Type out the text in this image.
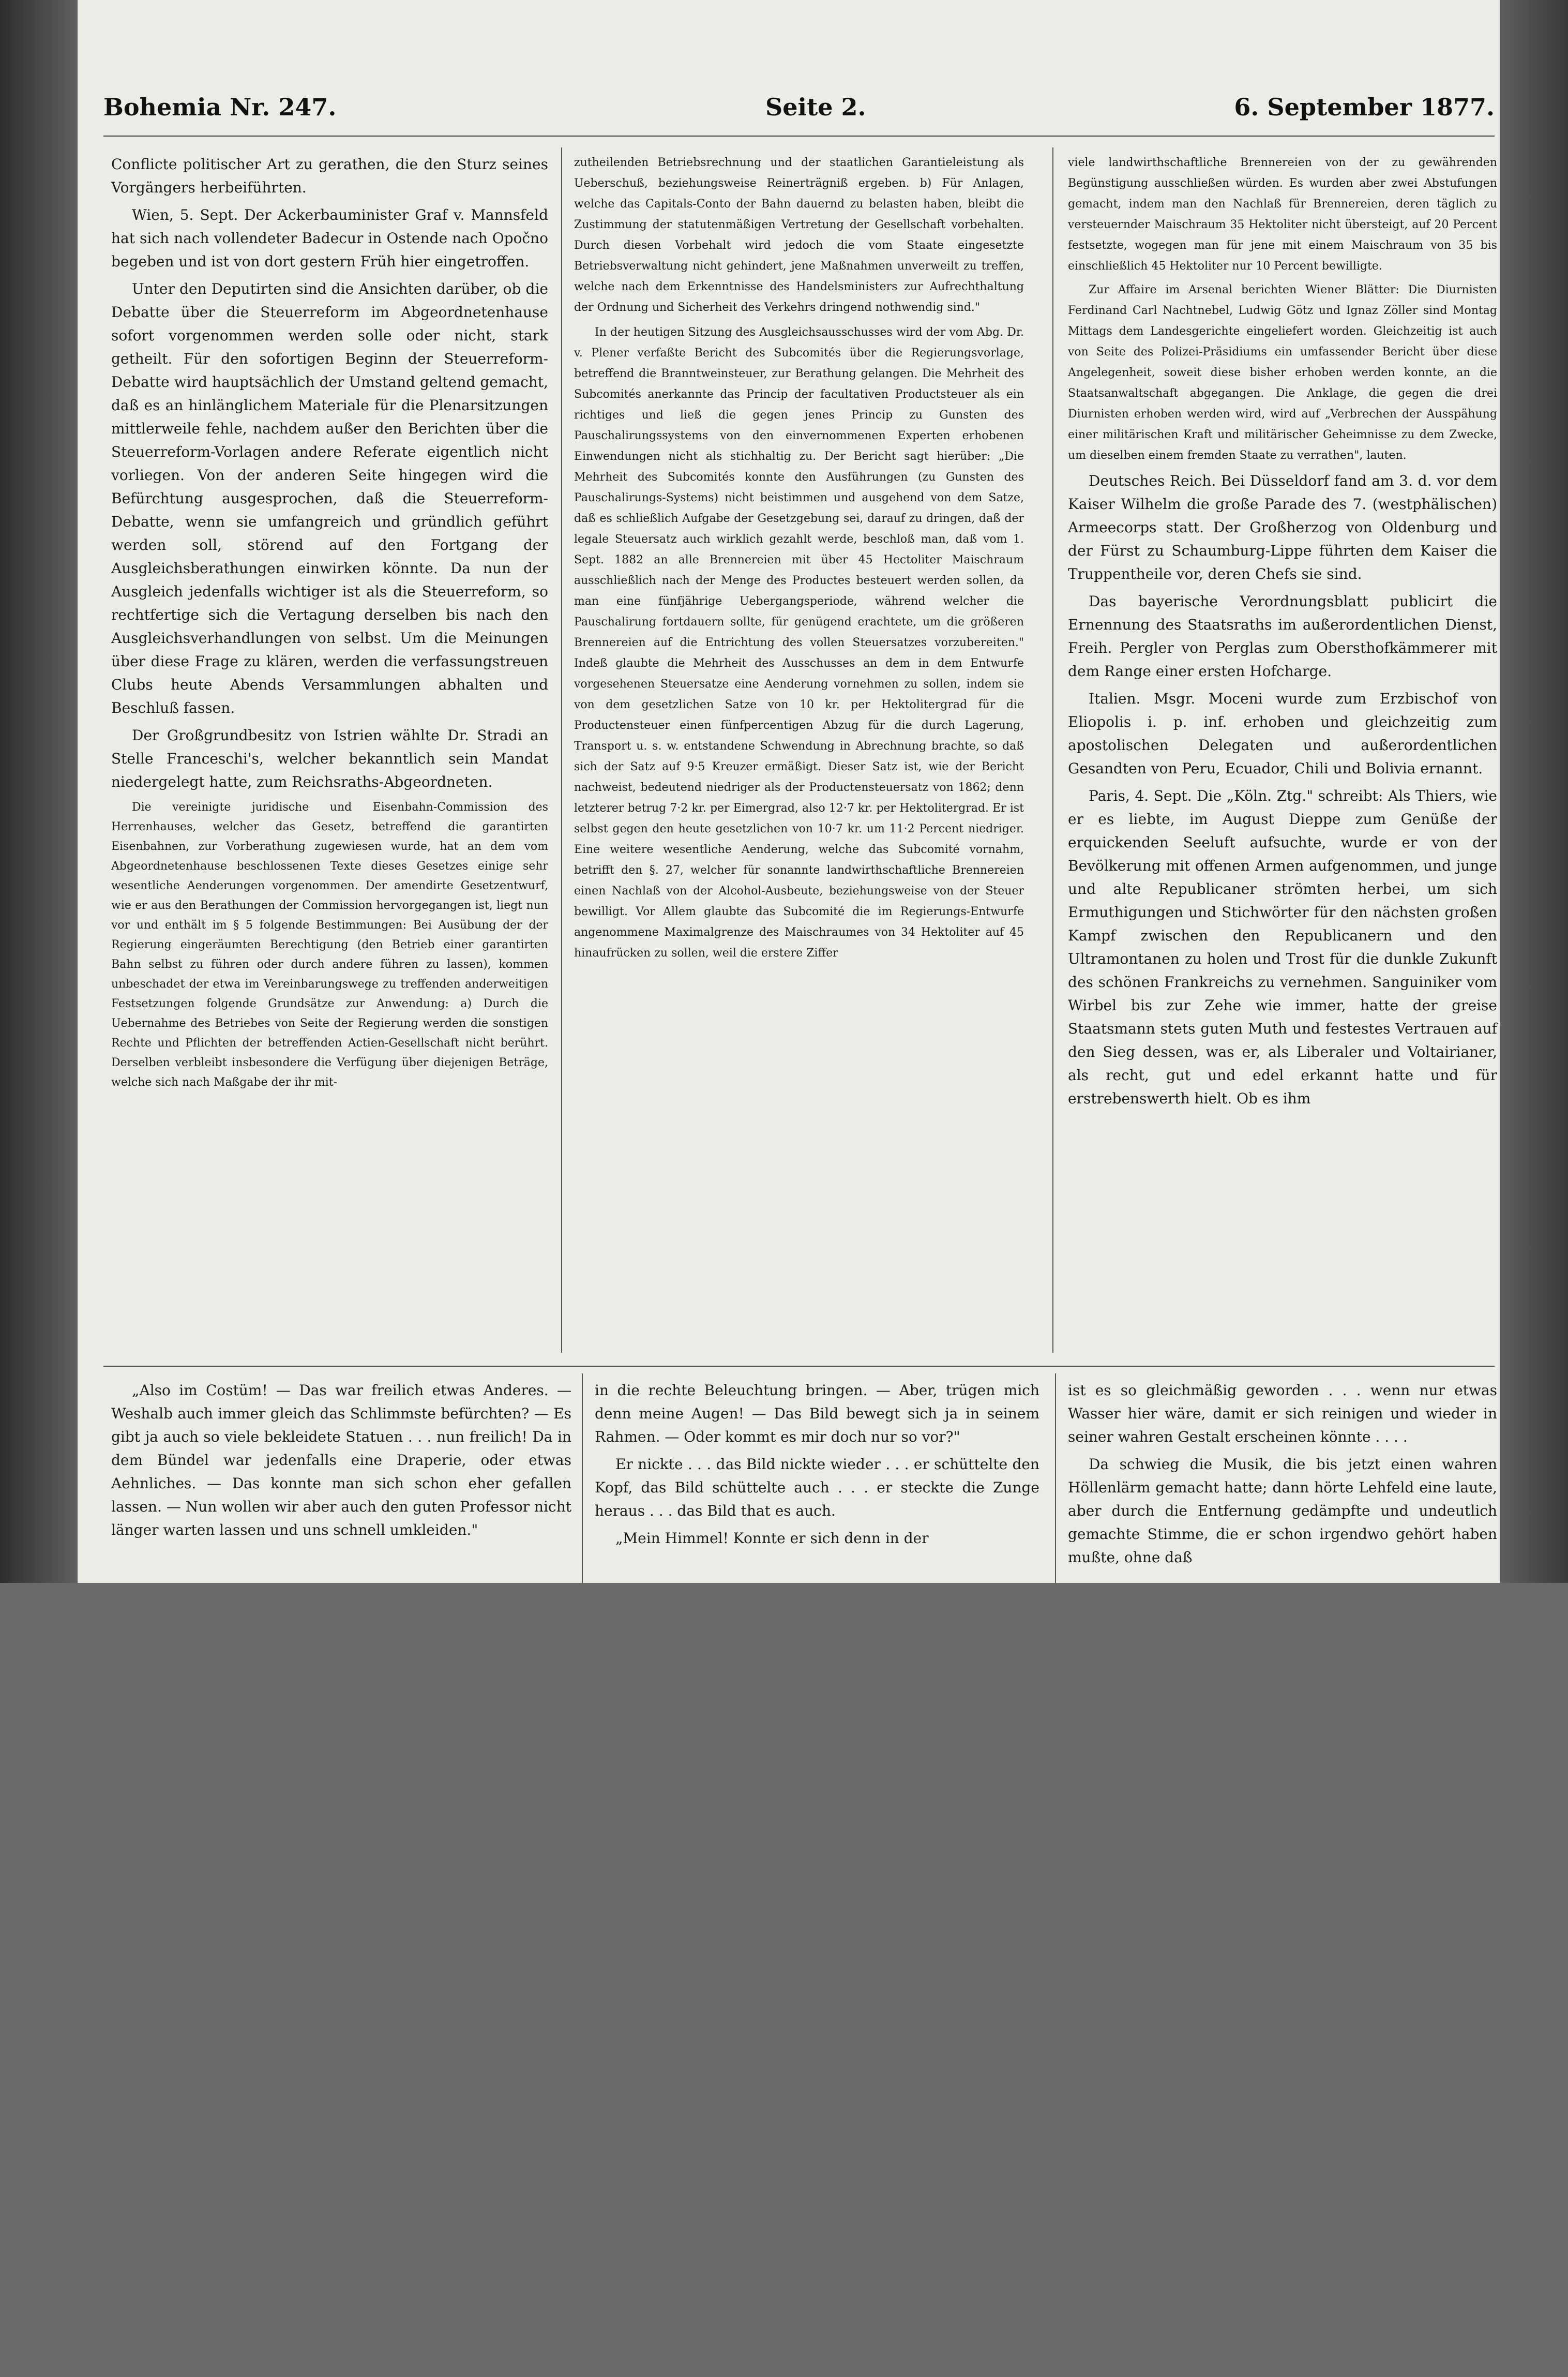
Bohemia Nr. 247.	Seite 2.	6. September 1877.

Conflicte politischer Art zu gerathen, die den Sturz seines Vorgängers herbeiführten.

Wien, 5. Sept. Der Ackerbauminister Graf v. Mannsfeld hat sich nach vollendeter Badecur in Ostende nach Opočno begeben und ist von dort gestern Früh hier eingetroffen.

Unter den Deputirten sind die Ansichten darüber, ob die Debatte über die Steuerreform im Abgeordnetenhause sofort vorgenommen werden solle oder nicht, stark getheilt. Für den sofortigen Beginn der Steuerreform-Debatte wird hauptsächlich der Umstand geltend gemacht, daß es an hinlänglichem Materiale für die Plenarsitzungen mittlerweile fehle, nachdem außer den Berichten über die Steuerreform-Vorlagen andere Referate eigentlich nicht vorliegen. Von der anderen Seite hingegen wird die Befürchtung ausgesprochen, daß die Steuerreform-Debatte, wenn sie umfangreich und gründlich geführt werden soll, störend auf den Fortgang der Ausgleichsberathungen einwirken könnte. Da nun der Ausgleich jedenfalls wichtiger ist als die Steuerreform, so rechtfertige sich die Vertagung derselben bis nach den Ausgleichsverhandlungen von selbst. Um die Meinungen über diese Frage zu klären, werden die verfassungstreuen Clubs heute Abends Versammlungen abhalten und Beschluß fassen.

Der Großgrundbesitz von Istrien wählte Dr. Stradi an Stelle Franceschi's, welcher bekanntlich sein Mandat niedergelegt hatte, zum Reichsraths-Abgeordneten.

Die vereinigte juridische und Eisenbahn-Commission des Herrenhauses, welcher das Gesetz, betreffend die garantirten Eisenbahnen, zur Vorberathung zugewiesen wurde, hat an dem vom Abgeordnetenhause beschlossenen Texte dieses Gesetzes einige sehr wesentliche Aenderungen vorgenommen. Der amendirte Gesetzentwurf, wie er aus den Berathungen der Commission hervorgegangen ist, liegt nun vor und enthält im § 5 folgende Bestimmungen: Bei Ausübung der der Regierung eingeräumten Berechtigung (den Betrieb einer garantirten Bahn selbst zu führen oder durch andere führen zu lassen), kommen unbeschadet der etwa im Vereinbarungswege zu treffenden anderweitigen Festsetzungen folgende Grundsätze zur Anwendung: a) Durch die Uebernahme des Betriebes von Seite der Regierung werden die sonstigen Rechte und Pflichten der betreffenden Actien-Gesellschaft nicht berührt. Derselben verbleibt insbesondere die Verfügung über diejenigen Beträge, welche sich nach Maßgabe der ihr mit-

zutheilenden Betriebsrechnung und der staatlichen Garantieleistung als Ueberschuß, beziehungsweise Reinerträgniß ergeben. b) Für Anlagen, welche das Capitals-Conto der Bahn dauernd zu belasten haben, bleibt die Zustimmung der statutenmäßigen Vertretung der Gesellschaft vorbehalten. Durch diesen Vorbehalt wird jedoch die vom Staate eingesetzte Betriebsverwaltung nicht gehindert, jene Maßnahmen unverweilt zu treffen, welche nach dem Erkenntnisse des Handelsministers zur Aufrechthaltung der Ordnung und Sicherheit des Verkehrs dringend nothwendig sind."

In der heutigen Sitzung des Ausgleichsausschusses wird der vom Abg. Dr. v. Plener verfaßte Bericht des Subcomités über die Regierungsvorlage, betreffend die Branntweinsteuer, zur Berathung gelangen. Die Mehrheit des Subcomités anerkannte das Princip der facultativen Productsteuer als ein richtiges und ließ die gegen jenes Princip zu Gunsten des Pauschalirungssystems von den einvernommenen Experten erhobenen Einwendungen nicht als stichhaltig zu. Der Bericht sagt hierüber: „Die Mehrheit des Subcomités konnte den Ausführungen (zu Gunsten des Pauschalirungs-Systems) nicht beistimmen und ausgehend von dem Satze, daß es schließlich Aufgabe der Gesetzgebung sei, darauf zu dringen, daß der legale Steuersatz auch wirklich gezahlt werde, beschloß man, daß vom 1. Sept. 1882 an alle Brennereien mit über 45 Hectoliter Maischraum ausschließlich nach der Menge des Productes besteuert werden sollen, da man eine fünfjährige Uebergangsperiode, während welcher die Pauschalirung fortdauern sollte, für genügend erachtete, um die größeren Brennereien auf die Entrichtung des vollen Steuersatzes vorzubereiten." Indeß glaubte die Mehrheit des Ausschusses an dem in dem Entwurfe vorgesehenen Steuersatze eine Aenderung vornehmen zu sollen, indem sie von dem gesetzlichen Satze von 10 kr. per Hektolitergrad für die Productensteuer einen fünfpercentigen Abzug für die durch Lagerung, Transport u. s. w. entstandene Schwendung in Abrechnung brachte, so daß sich der Satz auf 9·5 Kreuzer ermäßigt. Dieser Satz ist, wie der Bericht nachweist, bedeutend niedriger als der Productensteuersatz von 1862; denn letzterer betrug 7·2 kr. per Eimergrad, also 12·7 kr. per Hektolitergrad. Er ist selbst gegen den heute gesetzlichen von 10·7 kr. um 11·2 Percent niedriger. Eine weitere wesentliche Aenderung, welche das Subcomité vornahm, betrifft den §. 27, welcher für sonannte landwirthschaftliche Brennereien einen Nachlaß von der Alcohol-Ausbeute, beziehungsweise von der Steuer bewilligt. Vor Allem glaubte das Subcomité die im Regierungs-Entwurfe angenommene Maximalgrenze des Maischraumes von 34 Hektoliter auf 45 hinaufrücken zu sollen, weil die erstere Ziffer

viele landwirthschaftliche Brennereien von der zu gewährenden Begünstigung ausschließen würden. Es wurden aber zwei Abstufungen gemacht, indem man den Nachlaß für Brennereien, deren täglich zu versteuernder Maischraum 35 Hektoliter nicht übersteigt, auf 20 Percent festsetzte, wogegen man für jene mit einem Maischraum von 35 bis einschließlich 45 Hektoliter nur 10 Percent bewilligte.

Zur Affaire im Arsenal berichten Wiener Blätter: Die Diurnisten Ferdinand Carl Nachtnebel, Ludwig Götz und Ignaz Zöller sind Montag Mittags dem Landesgerichte eingeliefert worden. Gleichzeitig ist auch von Seite des Polizei-Präsidiums ein umfassender Bericht über diese Angelegenheit, soweit diese bisher erhoben werden konnte, an die Staatsanwaltschaft abgegangen. Die Anklage, die gegen die drei Diurnisten erhoben werden wird, wird auf „Verbrechen der Ausspähung einer militärischen Kraft und militärischer Geheimnisse zu dem Zwecke, um dieselben einem fremden Staate zu verrathen", lauten.

Deutsches Reich. Bei Düsseldorf fand am 3. d. vor dem Kaiser Wilhelm die große Parade des 7. (westphälischen) Armeecorps statt. Der Großherzog von Oldenburg und der Fürst zu Schaumburg-Lippe führten dem Kaiser die Truppentheile vor, deren Chefs sie sind.

Das bayerische Verordnungsblatt publicirt die Ernennung des Staatsraths im außerordentlichen Dienst, Freih. Pergler von Perglas zum Obersthofkämmerer mit dem Range einer ersten Hofcharge.

Italien. Msgr. Moceni wurde zum Erzbischof von Eliopolis i. p. inf. erhoben und gleichzeitig zum apostolischen Delegaten und außerordentlichen Gesandten von Peru, Ecuador, Chili und Bolivia ernannt.

Paris, 4. Sept. Die „Köln. Ztg." schreibt: Als Thiers, wie er es liebte, im August Dieppe zum Genüße der erquickenden Seeluft aufsuchte, wurde er von der Bevölkerung mit offenen Armen aufgenommen, und junge und alte Republicaner strömten herbei, um sich Ermuthigungen und Stichwörter für den nächsten großen Kampf zwischen den Republicanern und den Ultramontanen zu holen und Trost für die dunkle Zukunft des schönen Frankreichs zu vernehmen. Sanguiniker vom Wirbel bis zur Zehe wie immer, hatte der greise Staatsmann stets guten Muth und festestes Vertrauen auf den Sieg dessen, was er, als Liberaler und Voltairianer, als recht, gut und edel erkannt hatte und für erstrebenswerth hielt. Ob es ihm

„Also im Costüm! — Das war freilich etwas Anderes. — Weshalb auch immer gleich das Schlimmste befürchten? — Es gibt ja auch so viele bekleidete Statuen . . . nun freilich! Da in dem Bündel war jedenfalls eine Draperie, oder etwas Aehnliches. — Das konnte man sich schon eher gefallen lassen. — Nun wollen wir aber auch den guten Professor nicht länger warten lassen und uns schnell umkleiden."

in die rechte Beleuchtung bringen. — Aber, trügen mich denn meine Augen! — Das Bild bewegt sich ja in seinem Rahmen. — Oder kommt es mir doch nur so vor?"

Er nickte . . . das Bild nickte wieder . . . er schüttelte den Kopf, das Bild schüttelte auch . . . er steckte die Zunge heraus . . . das Bild that es auch.

„Mein Himmel! Konnte er sich denn in der

ist es so gleichmäßig geworden . . . wenn nur etwas Wasser hier wäre, damit er sich reinigen und wieder in seiner wahren Gestalt erscheinen könnte . . . .

Da schwieg die Musik, die bis jetzt einen wahren Höllenlärm gemacht hatte; dann hörte Lehfeld eine laute, aber durch die Entfernung gedämpfte und undeutlich gemachte Stimme, die er schon irgendwo gehört haben mußte, ohne daß
